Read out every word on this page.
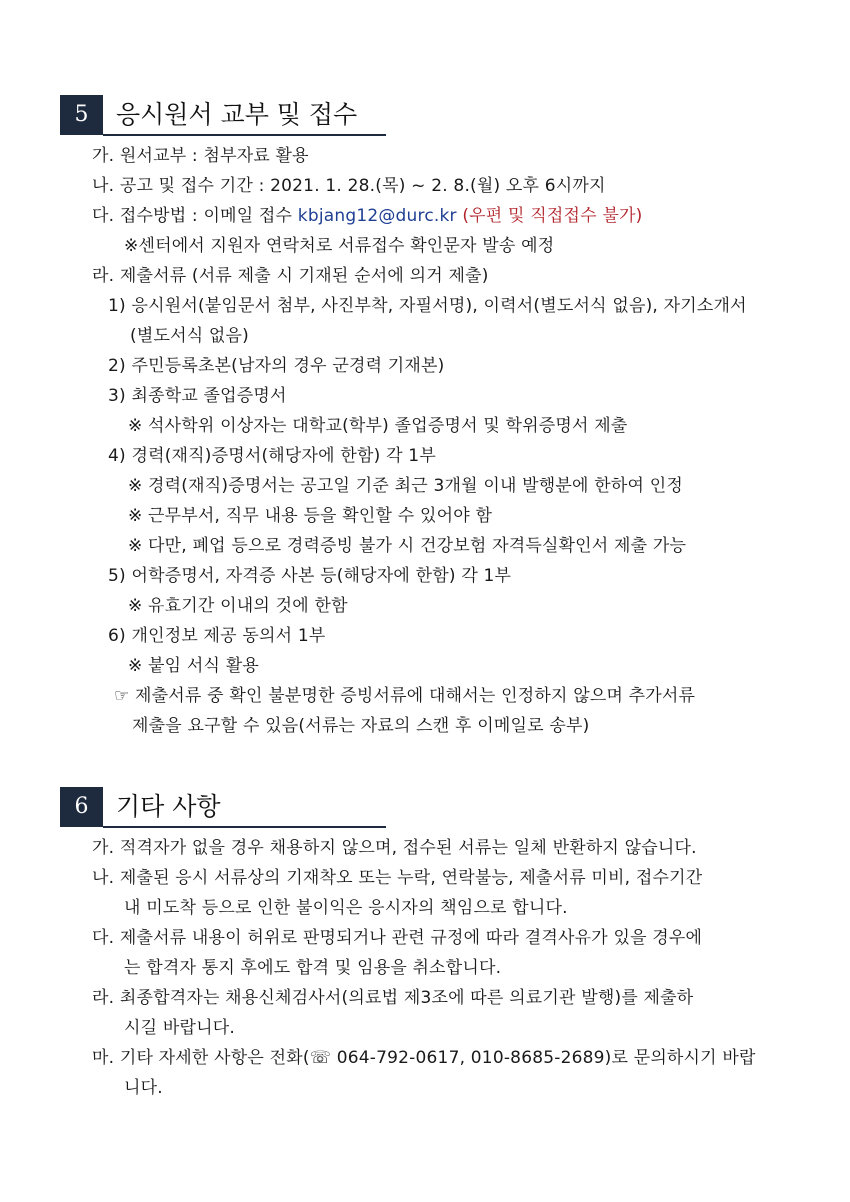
5	응시원서 교부 및 접수
가. 원서교부 : 첨부자료 활용
나. 공고 및 접수 기간 : 2021. 1. 28.(목) ~ 2. 8.(월) 오후 6시까지
다. 접수방법 : 이메일 접수 kbjang12@durc.kr (우편 및 직접접수 불가)
※센터에서 지원자 연락처로 서류접수 확인문자 발송 예정
라. 제출서류 (서류 제출 시 기재된 순서에 의거 제출)
1) 응시원서(붙임문서 첨부, 사진부착, 자필서명), 이력서(별도서식 없음), 자기소개서
(별도서식 없음)
2) 주민등록초본(남자의 경우 군경력 기재본)
3) 최종학교 졸업증명서
※ 석사학위 이상자는 대학교(학부) 졸업증명서 및 학위증명서 제출
4) 경력(재직)증명서(해당자에 한함) 각 1부
※ 경력(재직)증명서는 공고일 기준 최근 3개월 이내 발행분에 한하여 인정
※ 근무부서, 직무 내용 등을 확인할 수 있어야 함
※ 다만, 폐업 등으로 경력증빙 불가 시 건강보험 자격득실확인서 제출 가능
5) 어학증명서, 자격증 사본 등(해당자에 한함) 각 1부
※ 유효기간 이내의 것에 한함
6) 개인정보 제공 동의서 1부
※ 붙임 서식 활용
☞ 제출서류 중 확인 불분명한 증빙서류에 대해서는 인정하지 않으며 추가서류
제출을 요구할 수 있음(서류는 자료의 스캔 후 이메일로 송부)
6	기타 사항
가. 적격자가 없을 경우 채용하지 않으며, 접수된 서류는 일체 반환하지 않습니다.
나. 제출된 응시 서류상의 기재착오 또는 누락, 연락불능, 제출서류 미비, 접수기간
내 미도착 등으로 인한 불이익은 응시자의 책임으로 합니다.
다. 제출서류 내용이 허위로 판명되거나 관련 규정에 따라 결격사유가 있을 경우에
는 합격자 통지 후에도 합격 및 임용을 취소합니다.
라. 최종합격자는 채용신체검사서(의료법 제3조에 따른 의료기관 발행)를 제출하
시길 바랍니다.
마. 기타 자세한 사항은 전화(☏ 064-792-0617, 010-8685-2689)로 문의하시기 바랍
니다.
